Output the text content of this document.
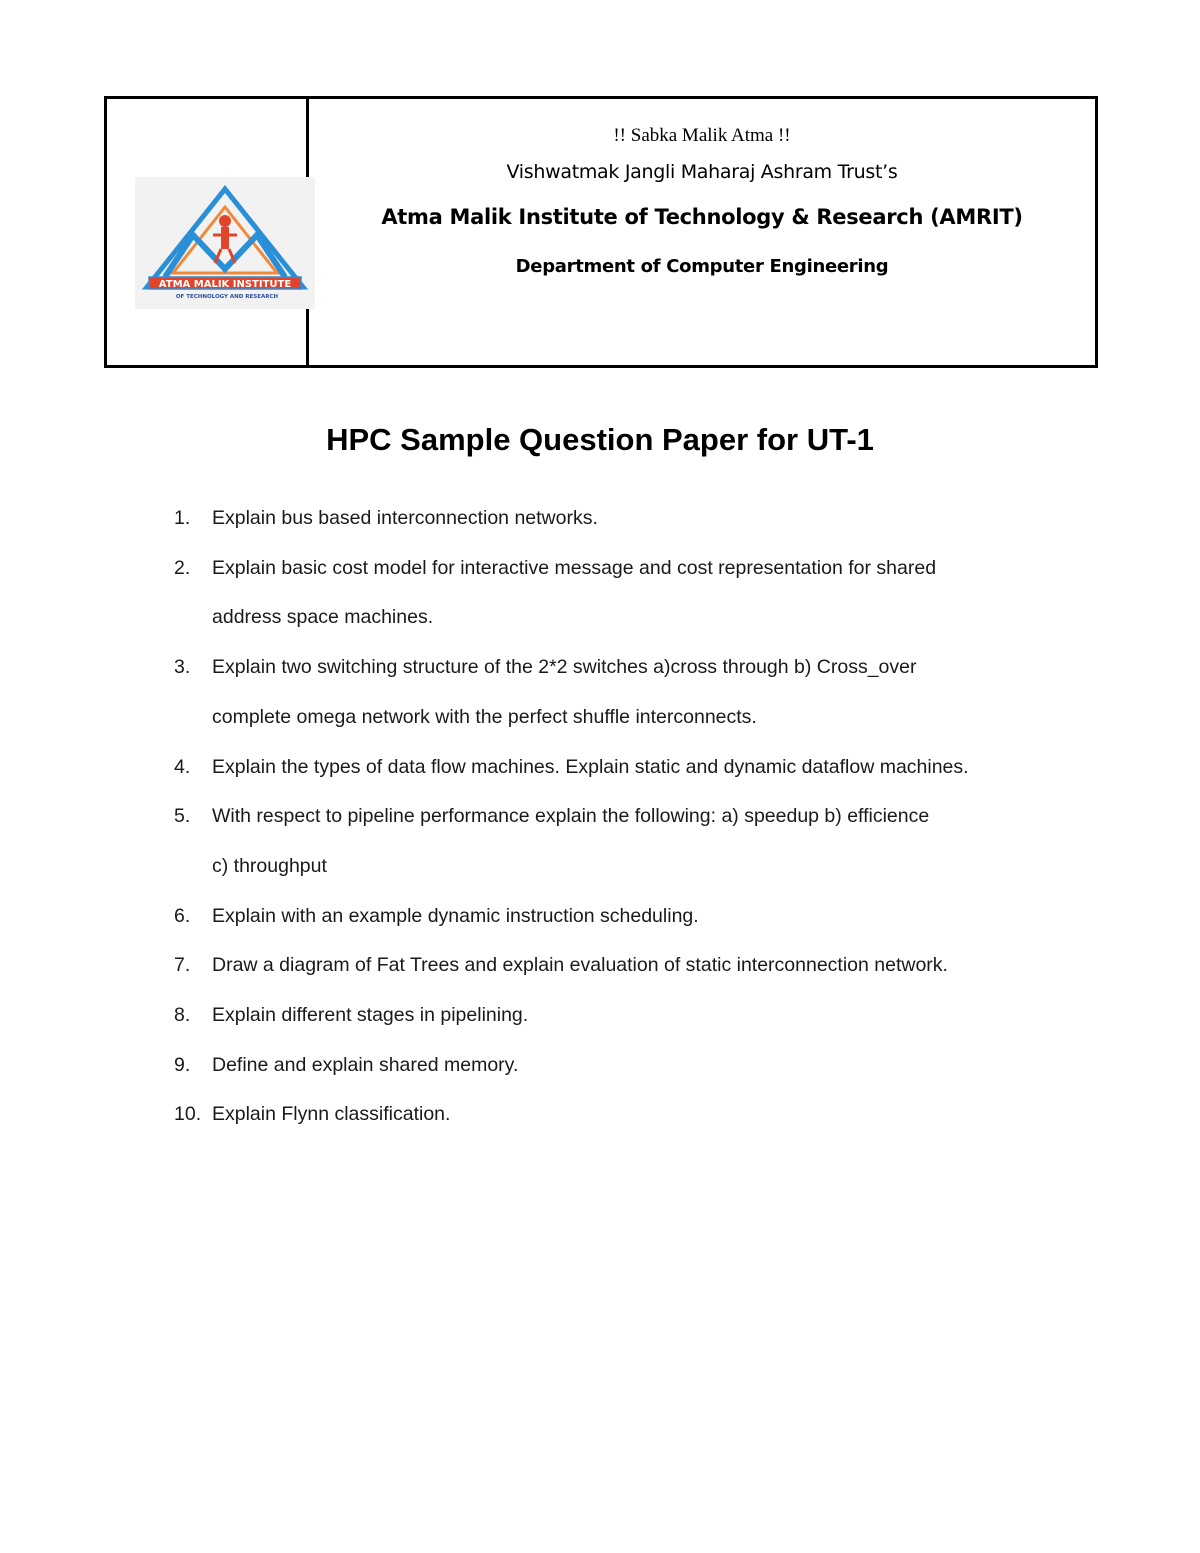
ATMA MALIK INSTITUTE
OF TECHNOLOGY AND RESEARCH
!! Sabka Malik Atma !!
Vishwatmak Jangli Maharaj Ashram Trust’s
Atma Malik Institute of Technology & Research (AMRIT)
Department of Computer Engineering
HPC Sample Question Paper for UT-1
1.	Explain bus based interconnection networks.
2.	Explain basic cost model for interactive message and cost representation for shared
address space machines.
3.	Explain two switching structure of the 2*2 switches a)cross through b) Cross_over
complete omega network with the perfect shuffle interconnects.
4.	Explain the types of data flow machines. Explain static and dynamic dataflow machines.
5.	With respect to pipeline performance explain the following: a) speedup b) efficience
c) throughput
6.	Explain with an example dynamic instruction scheduling.
7.	Draw a diagram of Fat Trees and explain evaluation of static interconnection network.
8.	Explain different stages in pipelining.
9.	Define and explain shared memory.
10. Explain Flynn classification.
